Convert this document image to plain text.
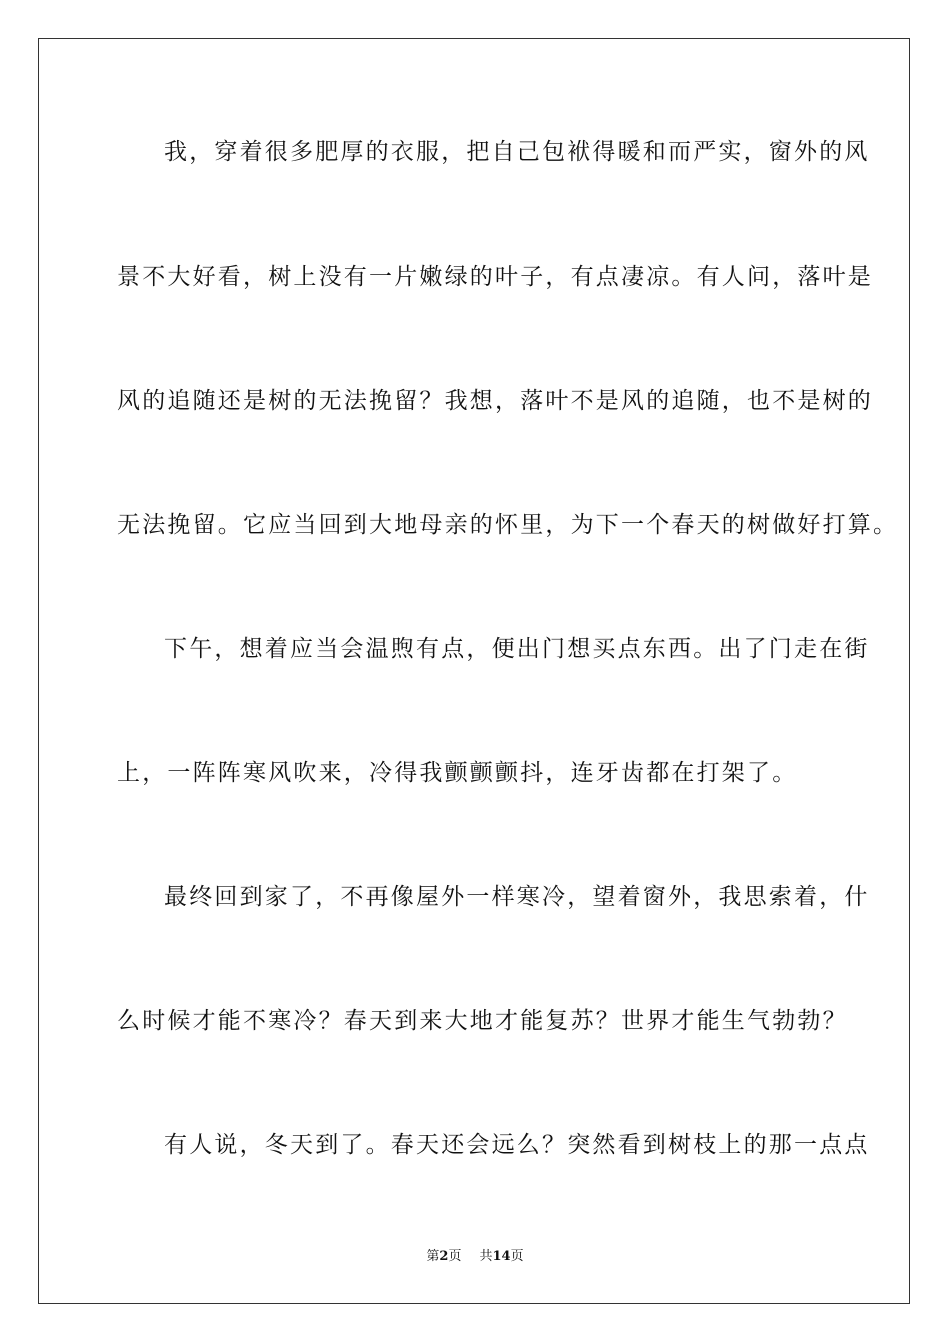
我，穿着很多肥厚的衣服，把自己包袱得暖和而严实，窗外的风
景不大好看，树上没有一片嫩绿的叶子，有点凄凉。有人问，落叶是
风的追随还是树的无法挽留？我想，落叶不是风的追随，也不是树的
无法挽留。它应当回到大地母亲的怀里，为下一个春天的树做好打算。
下午，想着应当会温煦有点，便出门想买点东西。出了门走在街
上，一阵阵寒风吹来，冷得我颤颤颤抖，连牙齿都在打架了。
最终回到家了，不再像屋外一样寒冷，望着窗外，我思索着，什
么时候才能不寒冷？春天到来大地才能复苏？世界才能生气勃勃？
有人说，冬天到了。春天还会远么？突然看到树枝上的那一点点
第2页 共14页
